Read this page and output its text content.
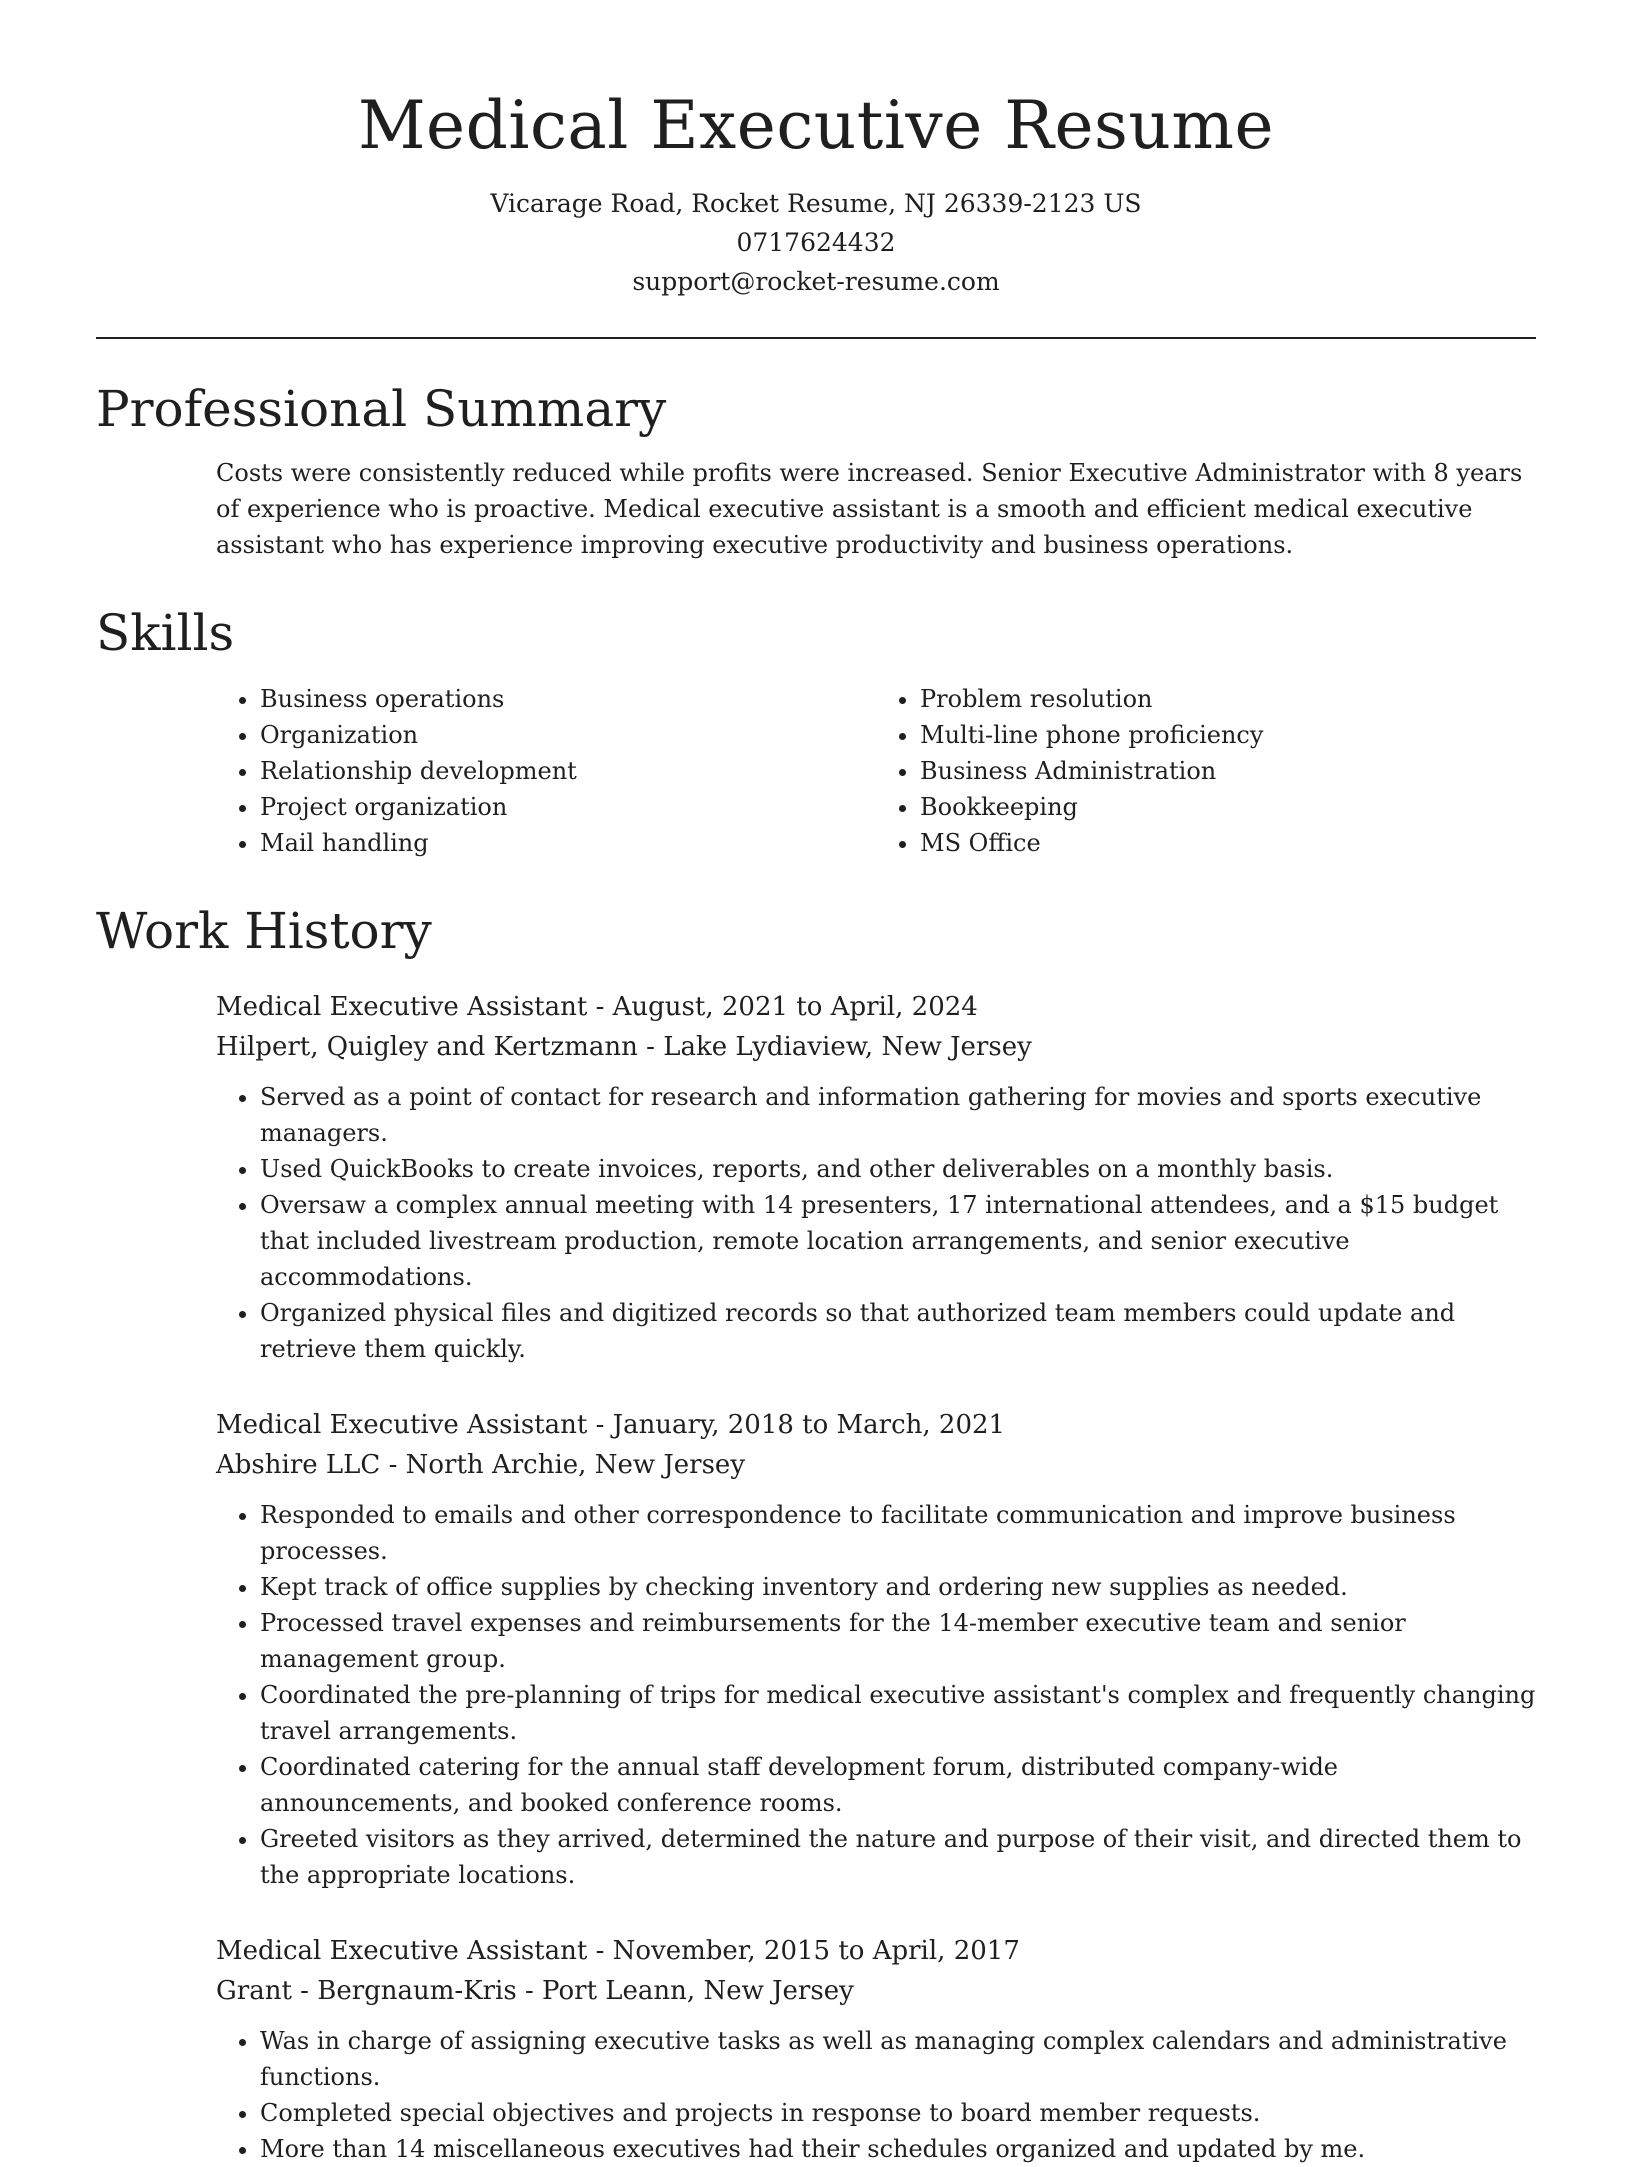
Medical Executive Resume
Vicarage Road, Rocket Resume, NJ 26339-2123 US
0717624432
support@rocket-resume.com
Professional Summary

Costs were consistently reduced while profits were increased. Senior Executive Administrator with 8 years of experience who is proactive. Medical executive assistant is a smooth and efficient medical executive assistant who has experience improving executive productivity and business operations.

Skills
• Business operations
• Organization
• Relationship development
• Project organization
• Mail handling
• Problem resolution
• Multi-line phone proficiency
• Business Administration
• Bookkeeping
• MS Office
Work History
Medical Executive Assistant - August, 2021 to April, 2024
Hilpert, Quigley and Kertzmann - Lake Lydiaview, New Jersey
• Served as a point of contact for research and information gathering for movies and sports executive managers.
• Used QuickBooks to create invoices, reports, and other deliverables on a monthly basis.
• Oversaw a complex annual meeting with 14 presenters, 17 international attendees, and a $15 budget that included livestream production, remote location arrangements, and senior executive accommodations.
• Organized physical files and digitized records so that authorized team members could update and retrieve them quickly.
Medical Executive Assistant - January, 2018 to March, 2021
Abshire LLC - North Archie, New Jersey
• Responded to emails and other correspondence to facilitate communication and improve business processes.
• Kept track of office supplies by checking inventory and ordering new supplies as needed.
• Processed travel expenses and reimbursements for the 14-member executive team and senior management group.
• Coordinated the pre-planning of trips for medical executive assistant's complex and frequently changing travel arrangements.
• Coordinated catering for the annual staff development forum, distributed company-wide announcements, and booked conference rooms.
• Greeted visitors as they arrived, determined the nature and purpose of their visit, and directed them to the appropriate locations.
Medical Executive Assistant - November, 2015 to April, 2017
Grant - Bergnaum-Kris - Port Leann, New Jersey
• Was in charge of assigning executive tasks as well as managing complex calendars and administrative functions.
• Completed special objectives and projects in response to board member requests.
• More than 14 miscellaneous executives had their schedules organized and updated by me.
